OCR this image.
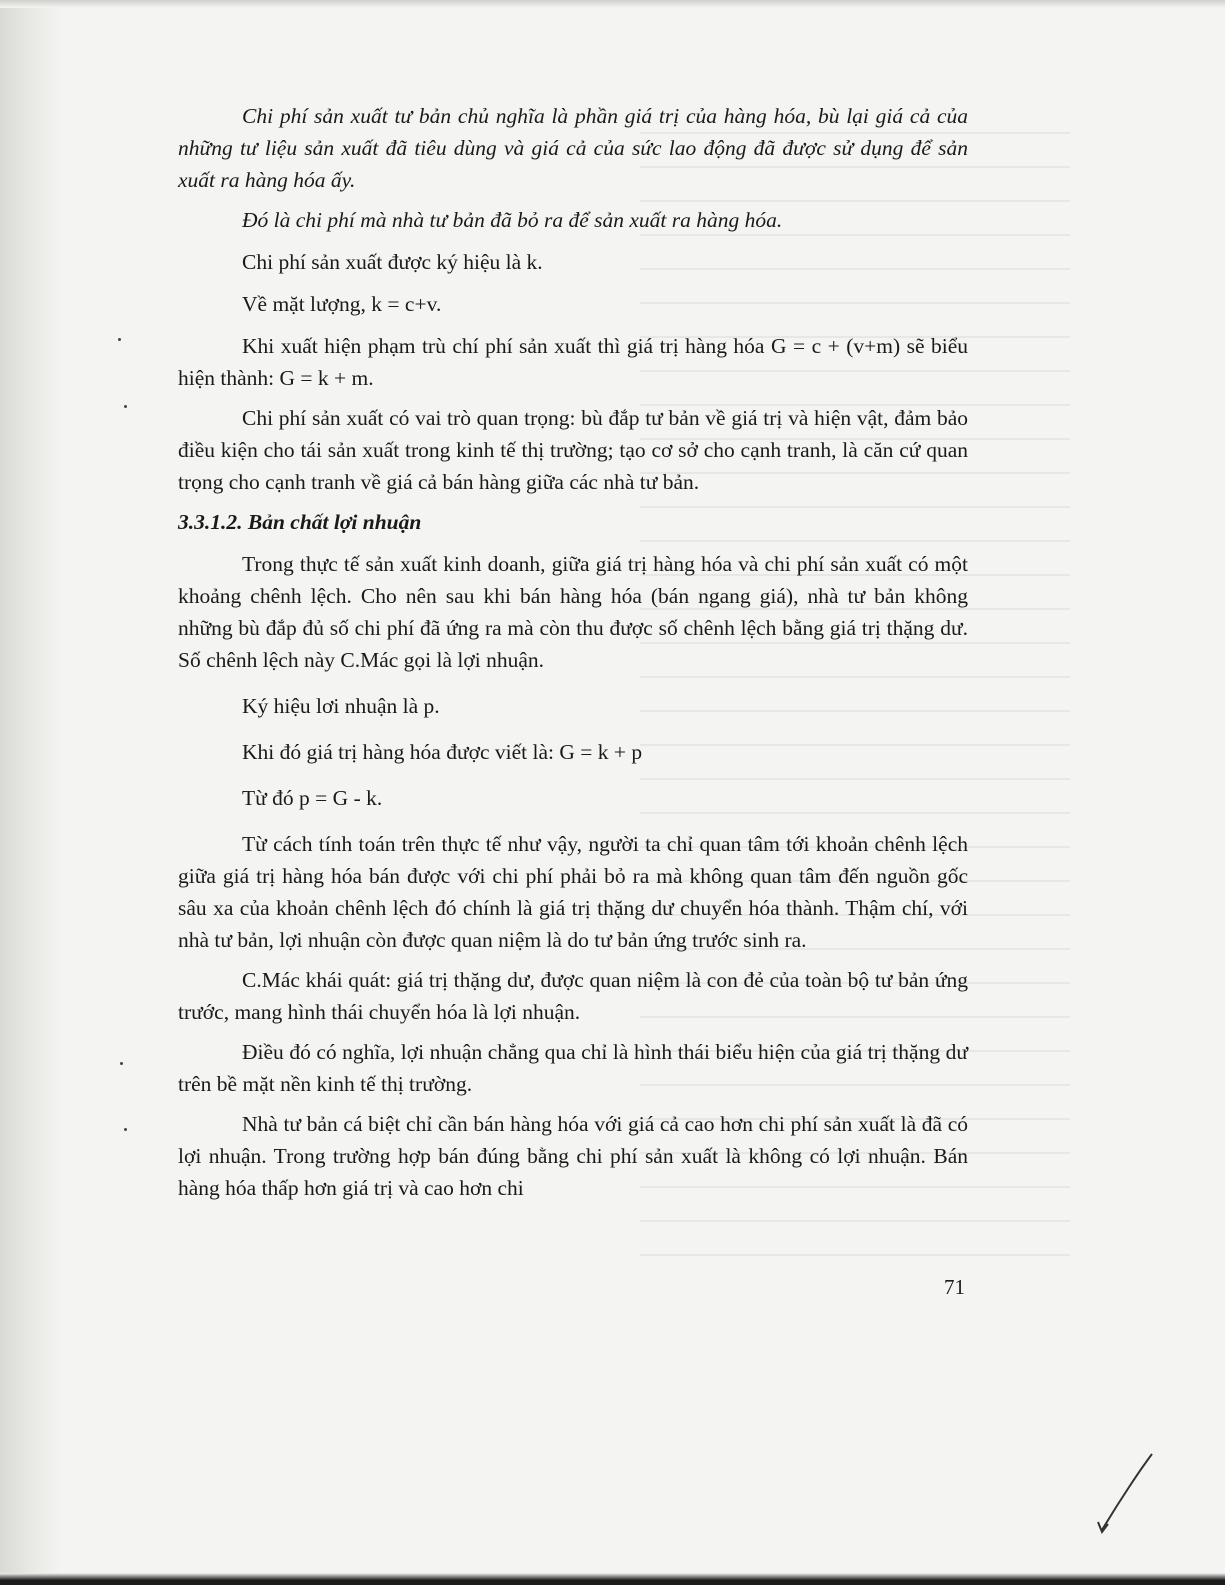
Chi phí sản xuất tư bản chủ nghĩa là phần giá trị của hàng hóa, bù lại giá cả của những tư liệu sản xuất đã tiêu dùng và giá cả của sức lao động đã được sử dụng để sản xuất ra hàng hóa ấy.

Đó là chi phí mà nhà tư bản đã bỏ ra để sản xuất ra hàng hóa.

Chi phí sản xuất được ký hiệu là k.

Về mặt lượng, k = c+v.

Khi xuất hiện phạm trù chí phí sản xuất thì giá trị hàng hóa G = c + (v+m) sẽ biểu hiện thành: G = k + m.

Chi phí sản xuất có vai trò quan trọng: bù đắp tư bản về giá trị và hiện vật, đảm bảo điều kiện cho tái sản xuất trong kinh tế thị trường; tạo cơ sở cho cạnh tranh, là căn cứ quan trọng cho cạnh tranh về giá cả bán hàng giữa các nhà tư bản.

3.3.1.2. Bản chất lợi nhuận

Trong thực tế sản xuất kinh doanh, giữa giá trị hàng hóa và chi phí sản xuất có một khoảng chênh lệch. Cho nên sau khi bán hàng hóa (bán ngang giá), nhà tư bản không những bù đắp đủ số chi phí đã ứng ra mà còn thu được số chênh lệch bằng giá trị thặng dư. Số chênh lệch này C.Mác gọi là lợi nhuận.

Ký hiệu lơi nhuận là p.

Khi đó giá trị hàng hóa được viết là: G = k + p

Từ đó p = G - k.

Từ cách tính toán trên thực tế như vậy, người ta chỉ quan tâm tới khoản chênh lệch giữa giá trị hàng hóa bán được với chi phí phải bỏ ra mà không quan tâm đến nguồn gốc sâu xa của khoản chênh lệch đó chính là giá trị thặng dư chuyển hóa thành. Thậm chí, với nhà tư bản, lợi nhuận còn được quan niệm là do tư bản ứng trước sinh ra.

C.Mác khái quát: giá trị thặng dư, được quan niệm là con đẻ của toàn bộ tư bản ứng trước, mang hình thái chuyển hóa là lợi nhuận.

Điều đó có nghĩa, lợi nhuận chẳng qua chỉ là hình thái biểu hiện của giá trị thặng dư trên bề mặt nền kinh tế thị trường.

Nhà tư bản cá biệt chỉ cần bán hàng hóa với giá cả cao hơn chi phí sản xuất là đã có lợi nhuận. Trong trường hợp bán đúng bằng chi phí sản xuất là không có lợi nhuận. Bán hàng hóa thấp hơn giá trị và cao hơn chi

71
